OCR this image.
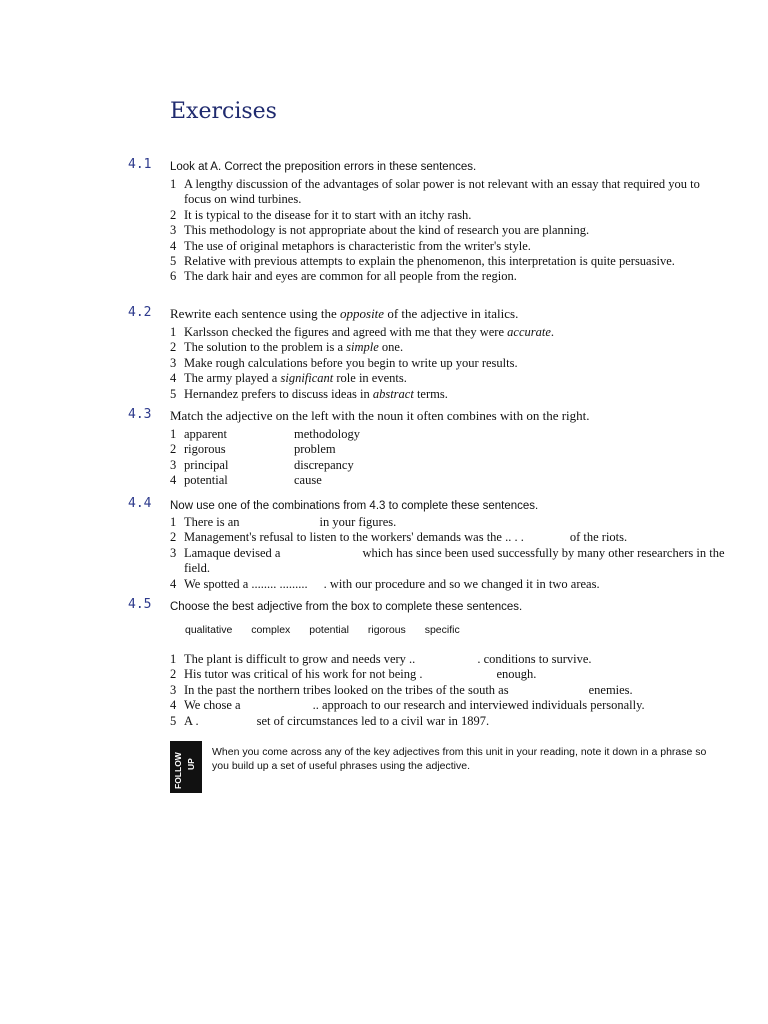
Exercises
4.1 Look at A. Correct the preposition errors in these sentences.
1 A lengthy discussion of the advantages of solar power is not relevant with an essay that required you to focus on wind turbines.
2 It is typical to the disease for it to start with an itchy rash.
3 This methodology is not appropriate about the kind of research you are planning.
4 The use of original metaphors is characteristic from the writer's style.
5 Relative with previous attempts to explain the phenomenon, this interpretation is quite persuasive.
6 The dark hair and eyes are common for all people from the region.
4.2 Rewrite each sentence using the opposite of the adjective in italics.
1 Karlsson checked the figures and agreed with me that they were accurate.
2 The solution to the problem is a simple one.
3 Make rough calculations before you begin to write up your results.
4 The army played a significant role in events.
5 Hernandez prefers to discuss ideas in abstract terms.
4.3 Match the adjective on the left with the noun it often combines with on the right.
1 apparent	methodology
2 rigorous	problem
3 principal	discrepancy
4 potential	cause
4.4 Now use one of the combinations from 4.3 to complete these sentences.
1 There is an	in your figures.
2 Management's refusal to listen to the workers' demands was the .. . .	of the riots.
3 Lamaque devised a	which has since been used successfully by many other researchers in the field.
4 We spotted a ........ ......... . with our procedure and so we changed it in two areas.
4.5 Choose the best adjective from the box to complete these sentences.
qualitative complex potential rigorous specific
1 The plant is difficult to grow and needs very ..	. conditions to survive.
2 His tutor was critical of his work for not being .	enough.
3 In the past the northern tribes looked on the tribes of the south as	enemies.
4 We chose a	.. approach to our research and interviewed individuals personally.
5 A .	set of circumstances led to a civil war in 1897.
FOLLOW UP
When you come across any of the key adjectives from this unit in your reading, note it down in a phrase so you build up a set of useful phrases using the adjective.
